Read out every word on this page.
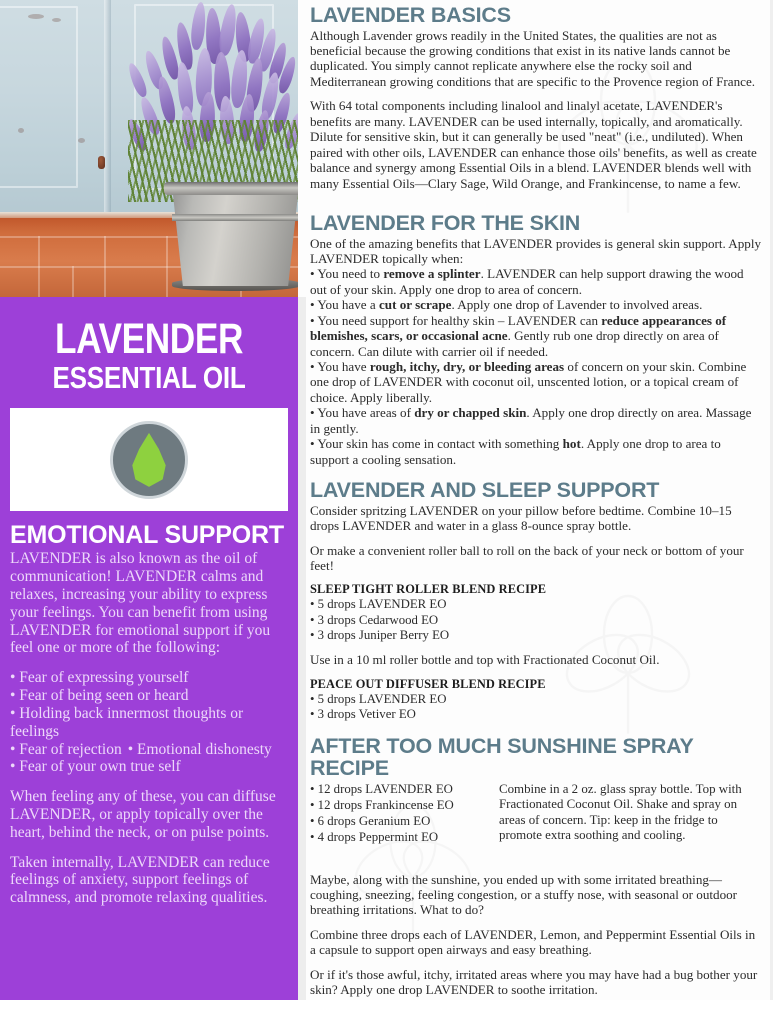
LAVENDER
ESSENTIAL OIL
EMOTIONAL SUPPORT

LAVENDER is also known as the oil of communication! LAVENDER calms and relaxes, increasing your ability to express your feelings. You can benefit from using LAVENDER for emotional support if you feel one or more of the following:

• Fear of expressing yourself
• Fear of being seen or heard
• Holding back innermost thoughts or feelings
• Fear of rejection • Emotional dishonesty
• Fear of your own true self

When feeling any of these, you can diffuse LAVENDER, or apply topically over the heart, behind the neck, or on pulse points.

Taken internally, LAVENDER can reduce feelings of anxiety, support feelings of calmness, and promote relaxing qualities.

LAVENDER BASICS

Although Lavender grows readily in the United States, the qualities are not as beneficial because the growing conditions that exist in its native lands cannot be duplicated. You simply cannot replicate anywhere else the rocky soil and Mediterranean growing conditions that are specific to the Provence region of France.

With 64 total components including linalool and linalyl acetate, LAVENDER's benefits are many. LAVENDER can be used internally, topically, and aromatically. Dilute for sensitive skin, but it can generally be used "neat" (i.e., undiluted). When paired with other oils, LAVENDER can enhance those oils' benefits, as well as create balance and synergy among Essential Oils in a blend. LAVENDER blends well with many Essential Oils—Clary Sage, Wild Orange, and Frankincense, to name a few.

LAVENDER FOR THE SKIN

One of the amazing benefits that LAVENDER provides is general skin support. Apply LAVENDER topically when:

• You need to remove a splinter. LAVENDER can help support drawing the wood out of your skin. Apply one drop to area of concern.
• You have a cut or scrape. Apply one drop of Lavender to involved areas.
• You need support for healthy skin – LAVENDER can reduce appearances of blemishes, scars, or occasional acne. Gently rub one drop directly on area of concern. Can dilute with carrier oil if needed.
• You have rough, itchy, dry, or bleeding areas of concern on your skin. Combine one drop of LAVENDER with coconut oil, unscented lotion, or a topical cream of choice. Apply liberally.
• You have areas of dry or chapped skin. Apply one drop directly on area. Massage in gently.
• Your skin has come in contact with something hot. Apply one drop to area to support a cooling sensation.
LAVENDER AND SLEEP SUPPORT

Consider spritzing LAVENDER on your pillow before bedtime. Combine 10–15 drops LAVENDER and water in a glass 8-ounce spray bottle.

Or make a convenient roller ball to roll on the back of your neck or bottom of your feet!

SLEEP TIGHT ROLLER BLEND RECIPE
• 5 drops LAVENDER EO
• 3 drops Cedarwood EO
• 3 drops Juniper Berry EO

Use in a 10 ml roller bottle and top with Fractionated Coconut Oil.

PEACE OUT DIFFUSER BLEND RECIPE
• 5 drops LAVENDER EO
• 3 drops Vetiver EO
AFTER TOO MUCH SUNSHINE SPRAY RECIPE
• 12 drops LAVENDER EO
• 12 drops Frankincense EO
• 6 drops Geranium EO
• 4 drops Peppermint EO

Combine in a 2 oz. glass spray bottle. Top with Fractionated Coconut Oil. Shake and spray on areas of concern. Tip: keep in the fridge to promote extra soothing and cooling.

Maybe, along with the sunshine, you ended up with some irritated breathing—coughing, sneezing, feeling congestion, or a stuffy nose, with seasonal or outdoor breathing irritations. What to do?

Combine three drops each of LAVENDER, Lemon, and Peppermint Essential Oils in a capsule to support open airways and easy breathing.

Or if it's those awful, itchy, irritated areas where you may have had a bug bother your skin? Apply one drop LAVENDER to soothe irritation.
